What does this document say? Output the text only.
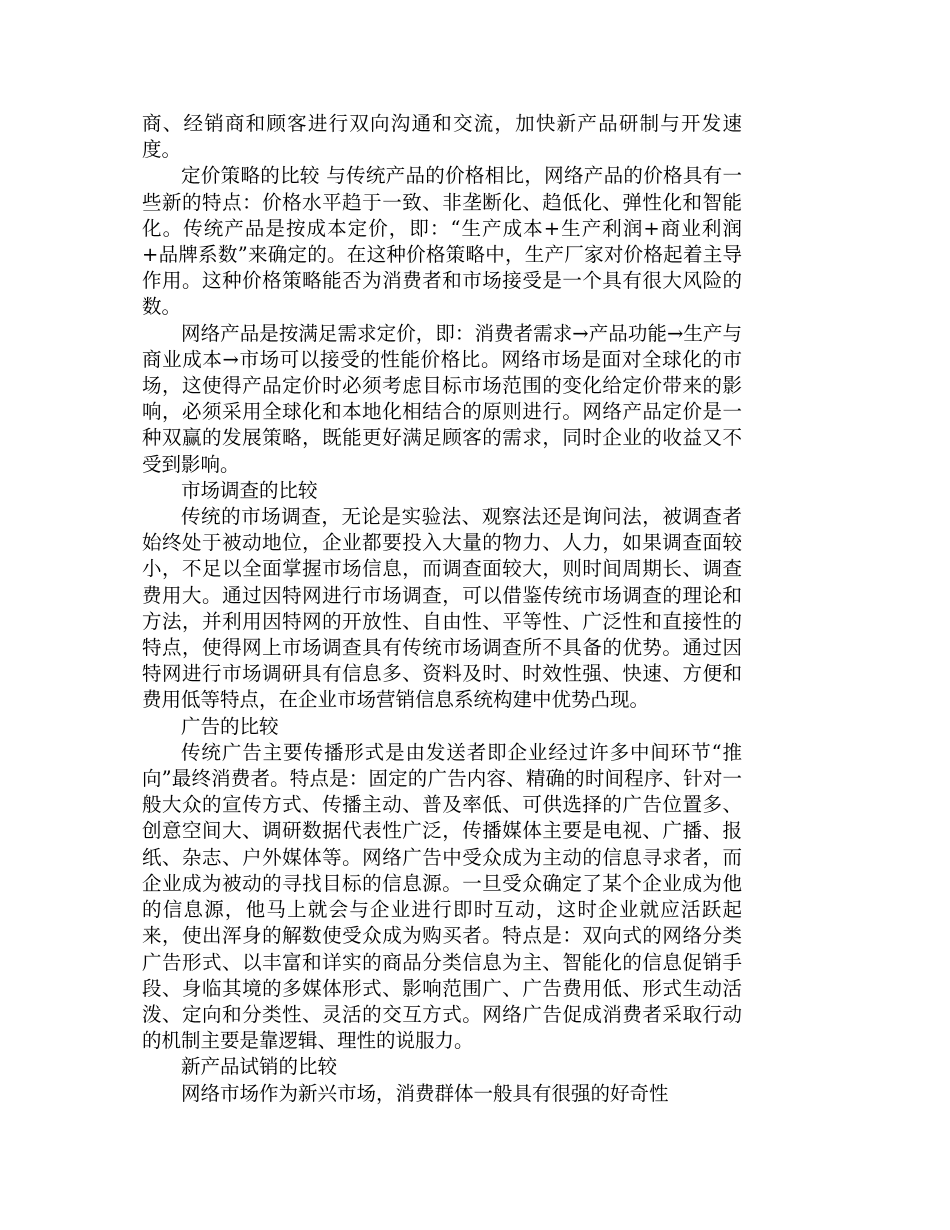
商、经销商和顾客进行双向沟通和交流，加快新产品研制与开发速度。

定价策略的比较 与传统产品的价格相比，网络产品的价格具有一些新的特点：价格水平趋于一致、非垄断化、趋低化、弹性化和智能化。传统产品是按成本定价，即：“生产成本+生产利润+商业利润+品牌系数”来确定的。在这种价格策略中，生产厂家对价格起着主导作用。这种价格策略能否为消费者和市场接受是一个具有很大风险的数。

网络产品是按满足需求定价，即：消费者需求→产品功能→生产与商业成本→市场可以接受的性能价格比。网络市场是面对全球化的市场，这使得产品定价时必须考虑目标市场范围的变化给定价带来的影响，必须采用全球化和本地化相结合的原则进行。网络产品定价是一种双赢的发展策略，既能更好满足顾客的需求，同时企业的收益又不受到影响。

市场调查的比较

传统的市场调查，无论是实验法、观察法还是询问法，被调查者始终处于被动地位，企业都要投入大量的物力、人力，如果调查面较小，不足以全面掌握市场信息，而调查面较大，则时间周期长、调查费用大。通过因特网进行市场调查，可以借鉴传统市场调查的理论和方法，并利用因特网的开放性、自由性、平等性、广泛性和直接性的特点，使得网上市场调查具有传统市场调查所不具备的优势。通过因特网进行市场调研具有信息多、资料及时、时效性强、快速、方便和费用低等特点，在企业市场营销信息系统构建中优势凸现。

广告的比较

传统广告主要传播形式是由发送者即企业经过许多中间环节“推向”最终消费者。特点是：固定的广告内容、精确的时间程序、针对一般大众的宣传方式、传播主动、普及率低、可供选择的广告位置多、创意空间大、调研数据代表性广泛，传播媒体主要是电视、广播、报纸、杂志、户外媒体等。网络广告中受众成为主动的信息寻求者，而企业成为被动的寻找目标的信息源。一旦受众确定了某个企业成为他的信息源，他马上就会与企业进行即时互动，这时企业就应活跃起来，使出浑身的解数使受众成为购买者。特点是：双向式的网络分类广告形式、以丰富和详实的商品分类信息为主、智能化的信息促销手段、身临其境的多媒体形式、影响范围广、广告费用低、形式生动活泼、定向和分类性、灵活的交互方式。网络广告促成消费者采取行动的机制主要是靠逻辑、理性的说服力。

新产品试销的比较

网络市场作为新兴市场，消费群体一般具有很强的好奇性
